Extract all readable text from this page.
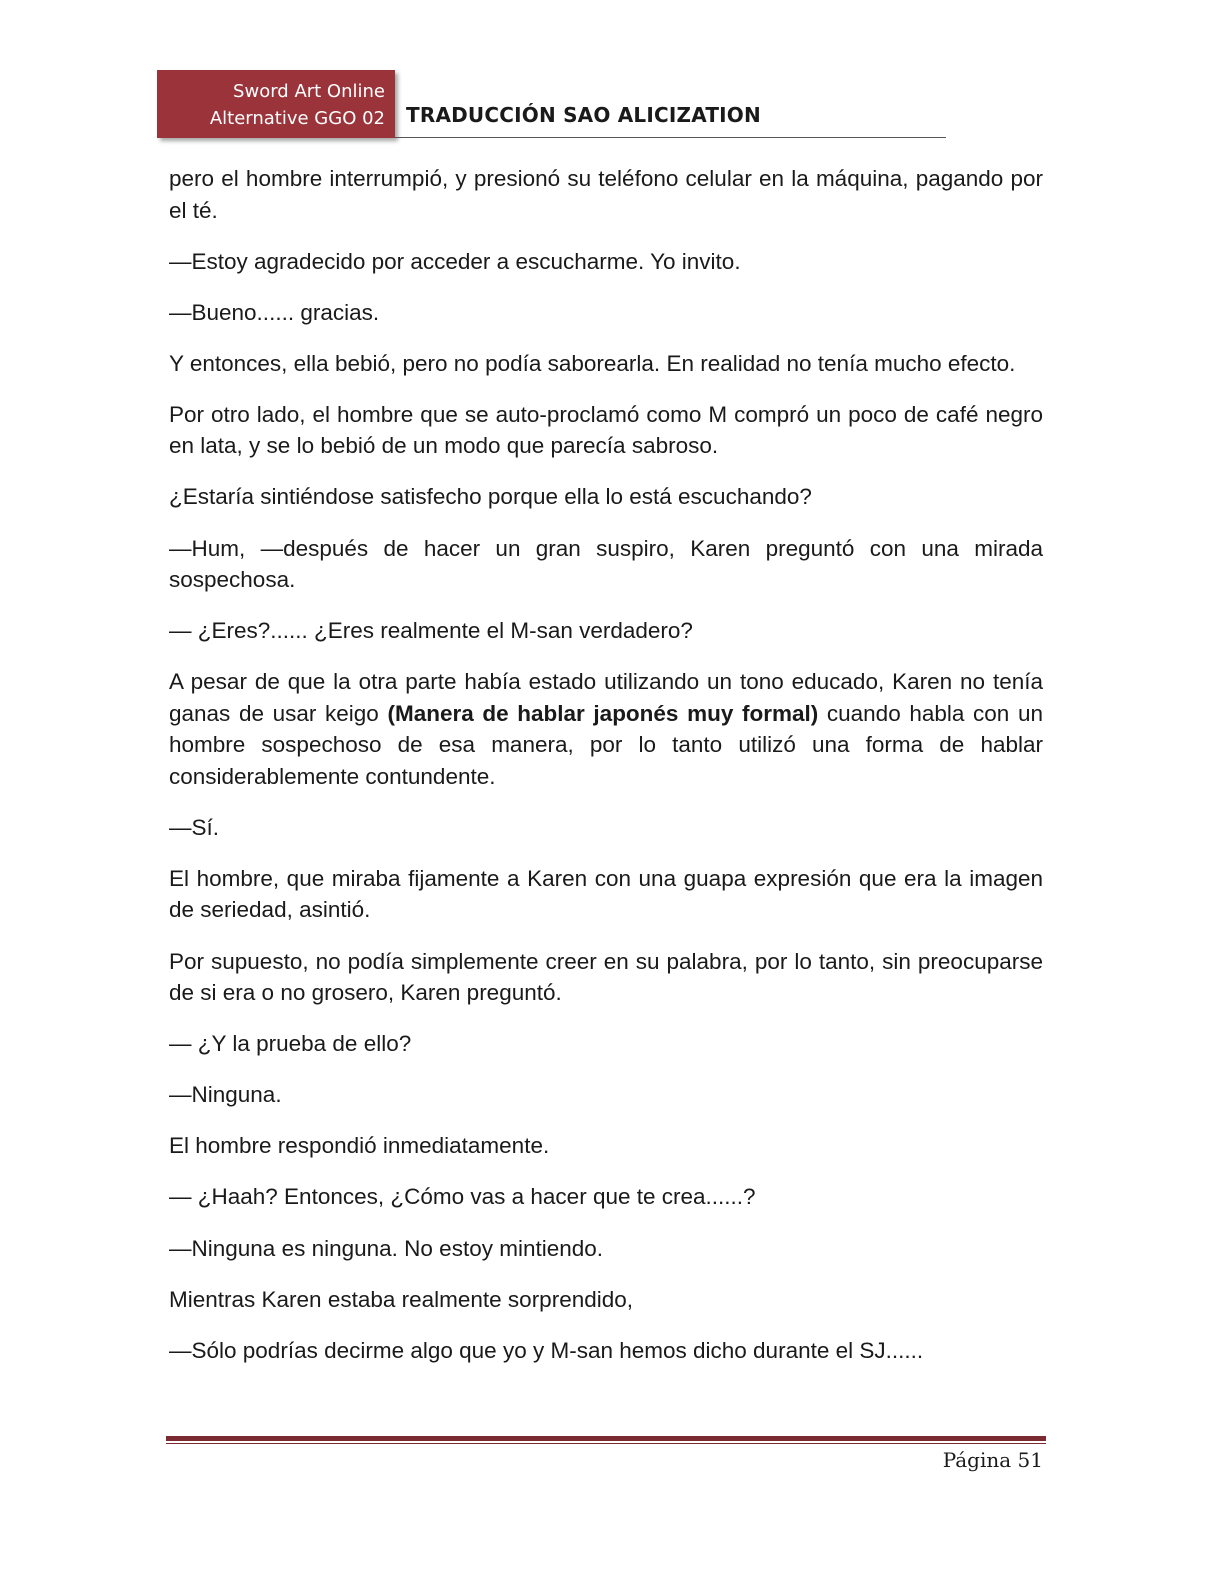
Sword Art Online
Alternative GGO 02 TRADUCCIÓN SAO ALICIZATION

pero el hombre interrumpió, y presionó su teléfono celular en la máquina, pagando por el té.

—Estoy agradecido por acceder a escucharme. Yo invito.

—Bueno...... gracias.

Y entonces, ella bebió, pero no podía saborearla. En realidad no tenía mucho efecto.

Por otro lado, el hombre que se auto-proclamó como M compró un poco de café negro en lata, y se lo bebió de un modo que parecía sabroso.

¿Estaría sintiéndose satisfecho porque ella lo está escuchando?

—Hum, —después de hacer un gran suspiro, Karen preguntó con una mirada sospechosa.

— ¿Eres?...... ¿Eres realmente el M-san verdadero?

A pesar de que la otra parte había estado utilizando un tono educado, Karen no tenía ganas de usar keigo (Manera de hablar japonés muy formal) cuando habla con un hombre sospechoso de esa manera, por lo tanto utilizó una forma de hablar considerablemente contundente.

—Sí.

El hombre, que miraba fijamente a Karen con una guapa expresión que era la imagen de seriedad, asintió.

Por supuesto, no podía simplemente creer en su palabra, por lo tanto, sin preocuparse de si era o no grosero, Karen preguntó.

— ¿Y la prueba de ello?

—Ninguna.

El hombre respondió inmediatamente.

— ¿Haah? Entonces, ¿Cómo vas a hacer que te crea......?

—Ninguna es ninguna. No estoy mintiendo.

Mientras Karen estaba realmente sorprendido,

—Sólo podrías decirme algo que yo y M-san hemos dicho durante el SJ......

Página 51
